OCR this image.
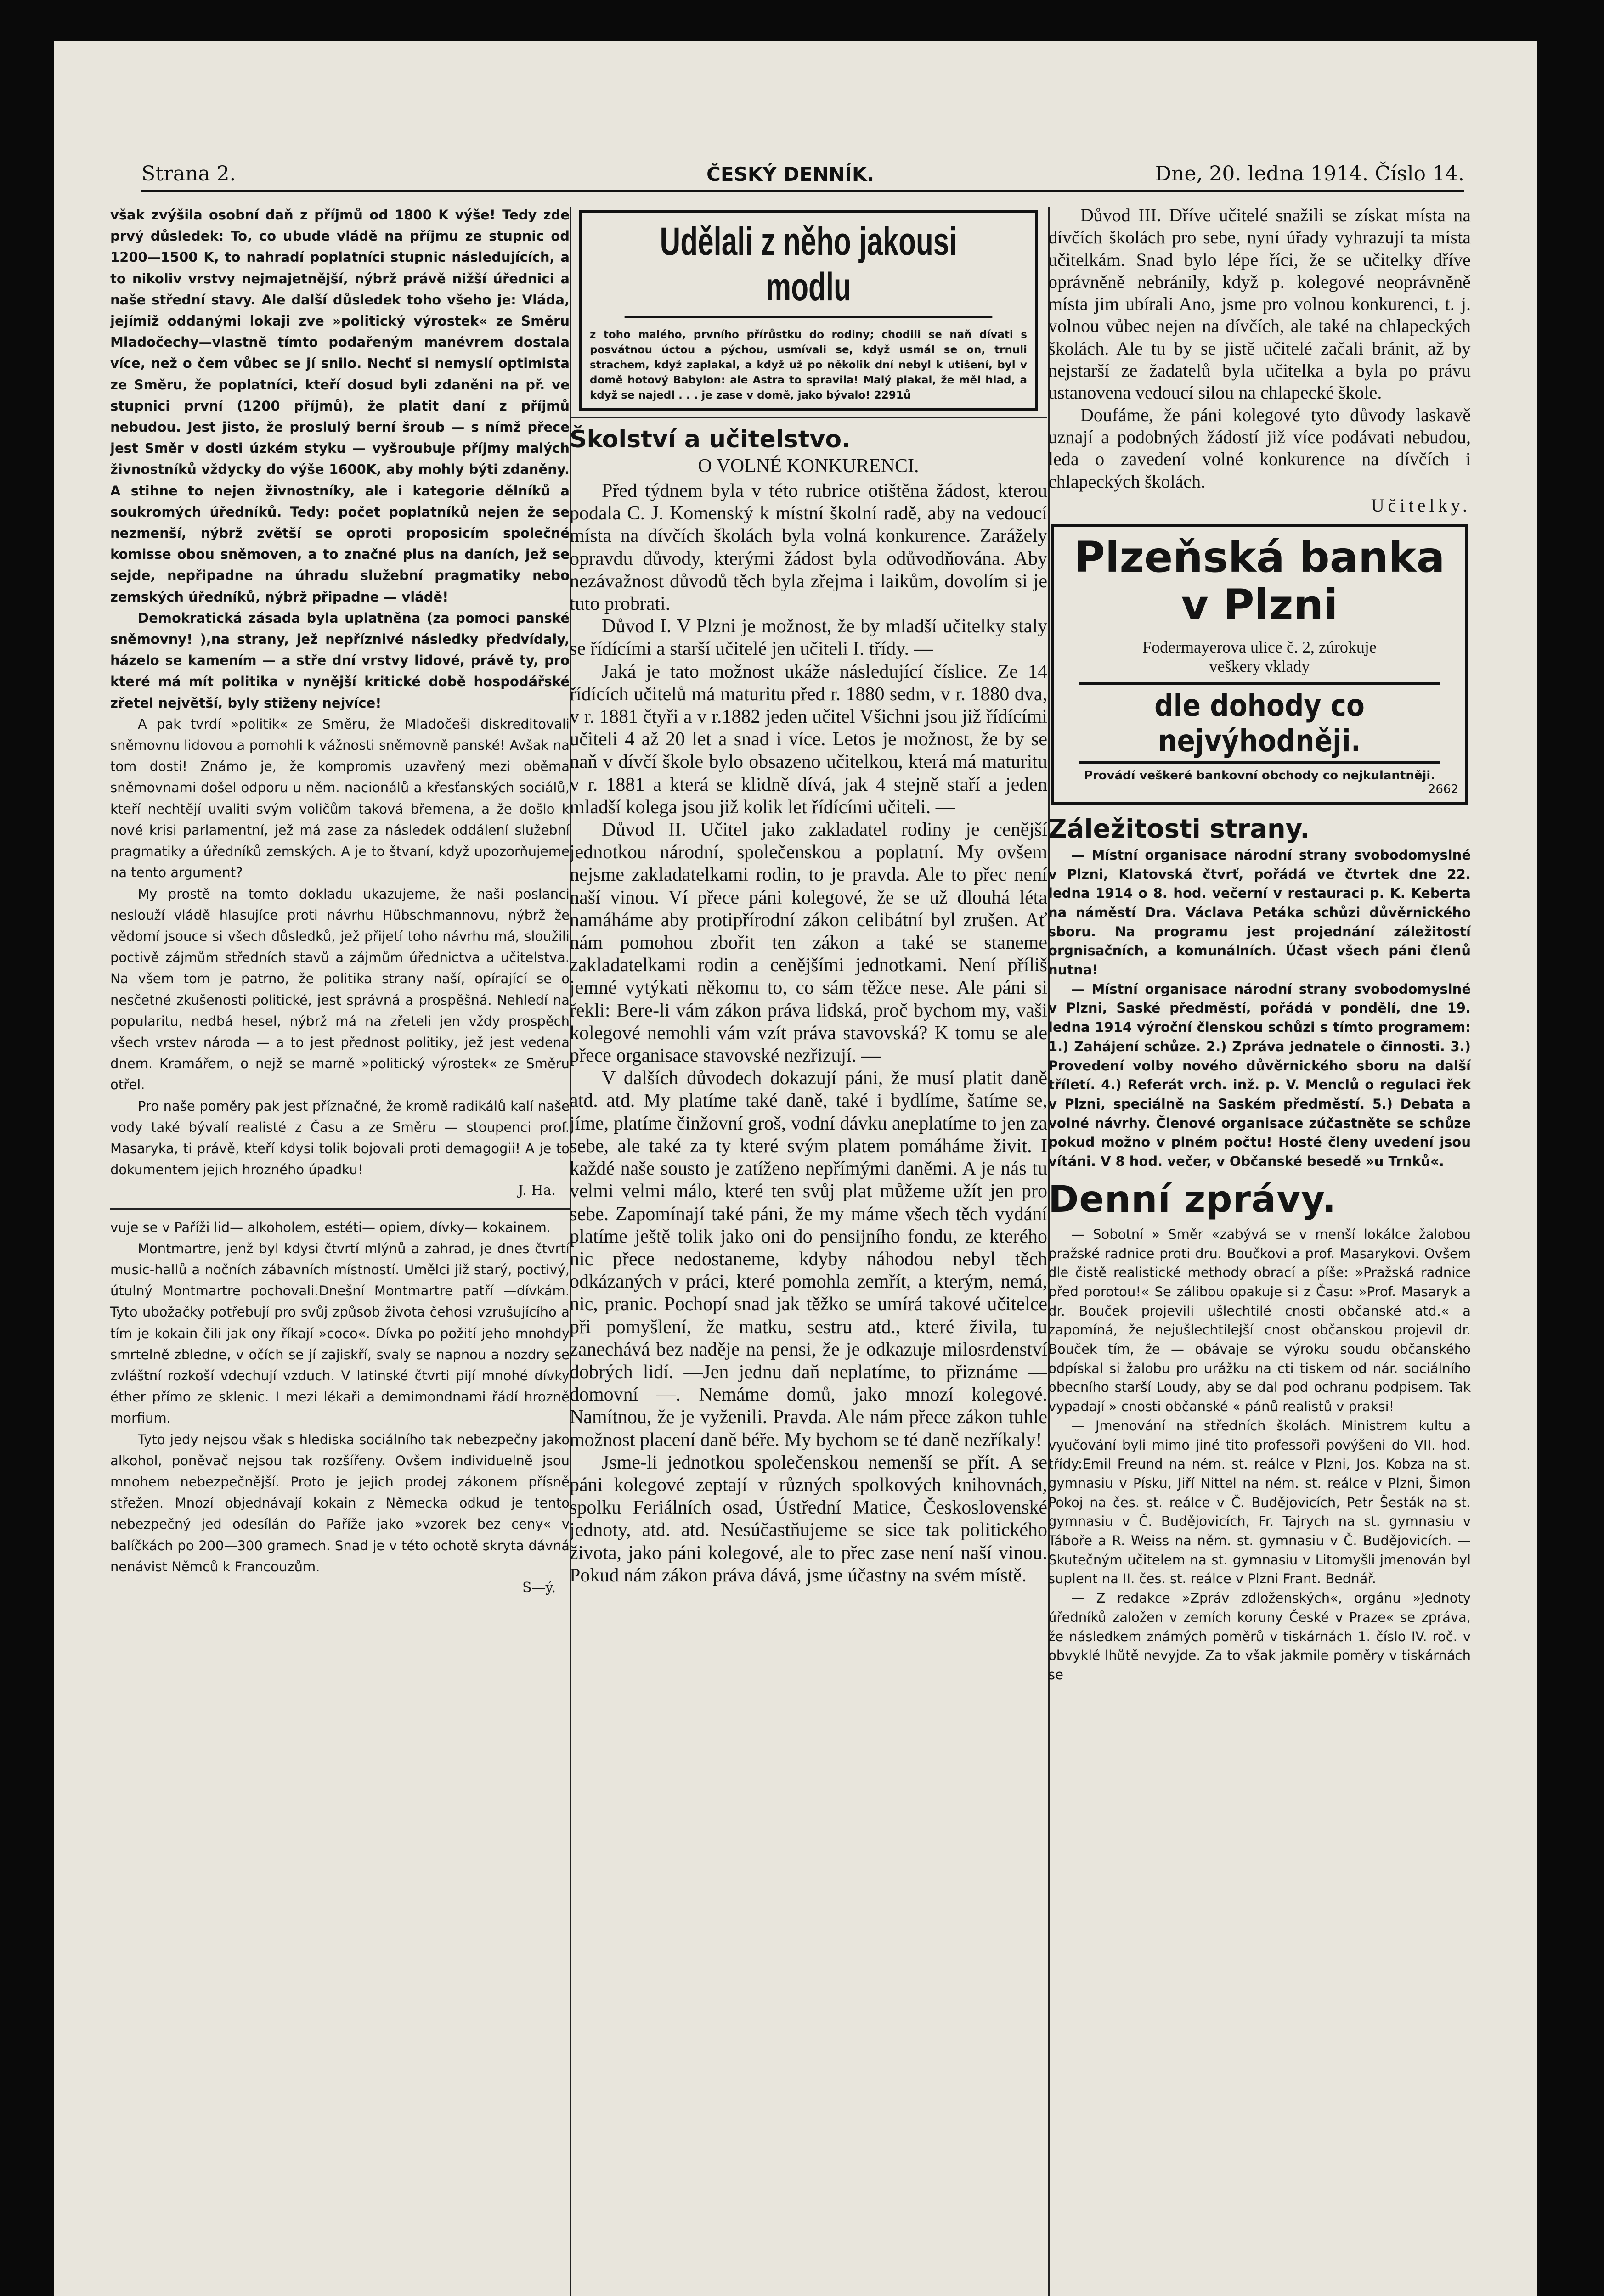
Strana 2.	ČESKÝ DENNÍK.	Dne, 20. ledna 1914. Číslo 14.

však zvýšila osobní daň z příjmů od 1800 K výše! Tedy zde prvý důsledek: To, co ubude vládě na příjmu ze stupnic od 1200—1500 K, to nahradí poplatníci stupnic následujících, a to nikoliv vrstvy nejmajetnější, nýbrž právě nižší úřednici a naše střední stavy. Ale další důsledek toho všeho je: Vláda, jejímiž oddanými lokaji zve »politický výrostek« ze Směru Mladočechy—vlastně tímto podařeným manévrem dostala více, než o čem vůbec se jí snilo. Nechť si nemyslí optimista ze Směru, že poplatníci, kteří dosud byli zdaněni na př. ve stupnici první (1200 příjmů), že platit daní z příjmů nebudou. Jest jisto, že proslulý berní šroub — s nímž přece jest Směr v dosti úzkém styku — vyšroubuje příjmy malých živnostníků vždycky do výše 1600K, aby mohly býti zdaněny. A stihne to nejen živnostníky, ale i kategorie dělníků a soukromých úředníků. Tedy: počet poplatníků nejen že se nezmenší, nýbrž zvětší se oproti proposicím společné komisse obou sněmoven, a to značné plus na daních, jež se sejde, nepřipadne na úhradu služební pragmatiky nebo zemských úředníků, nýbrž připadne — vládě!

Demokratická zásada byla uplatněna (za pomoci panské sněmovny! ),na strany, jež nepříznivé následky předvídaly, házelo se kamením — a stře dní vrstvy lidové, právě ty, pro které má mít politika v nynější kritické době hospodářské zřetel největší, byly stiženy nejvíce!

A pak tvrdí »politik« ze Směru, že Mladočeši diskreditovali sněmovnu lidovou a pomohli k vážnosti sněmovně panské! Avšak na tom dosti! Známo je, že kompromis uzavřený mezi oběma sněmovnami došel odporu u něm. nacionálů a křesťanských sociálů, kteří nechtějí uvaliti svým voličům taková břemena, a že došlo k nové krisi parlamentní, jež má zase za následek oddálení služební pragmatiky a úředníků zemských. A je to štvaní, když upozorňujeme na tento argument?

My prostě na tomto dokladu ukazujeme, že naši poslanci neslouží vládě hlasujíce proti návrhu Hübschmannovu, nýbrž že vědomí jsouce si všech důsledků, jež přijetí toho návrhu má, sloužili poctivě zájmům středních stavů a zájmům úřednictva a učitelstva. Na všem tom je patrno, že politika strany naší, opírající se o nesčetné zkušenosti politické, jest správná a prospěšná. Nehledí na popularitu, nedbá hesel, nýbrž má na zřeteli jen vždy prospěch všech vrstev národa — a to jest přednost politiky, jež jest vedena dnem. Kramářem, o nejž se marně »politický výrostek« ze Směru otřel.

Pro naše poměry pak jest příznačné, že kromě radikálů kalí naše vody také bývalí realisté z Času a ze Směru — stoupenci prof. Masaryka, ti právě, kteří kdysi tolik bojovali proti demagogii! A je to dokumentem jejich hrozného úpadku!

J. Ha.

vuje se v Paříži lid— alkoholem, estéti— opiem, dívky— kokainem.

Montmartre, jenž byl kdysi čtvrtí mlýnů a zahrad, je dnes čtvrtí music-hallů a nočních zábavních místností. Umělci již starý, poctivý, útulný Montmartre pochovali.Dnešní Montmartre patří —dívkám. Tyto ubožačky potřebují pro svůj způsob života čehosi vzrušujícího a tím je kokain čili jak ony říkají »coco«. Dívka po požití jeho mnohdy smrtelně zbledne, v očích se jí zajiskří, svaly se napnou a nozdry se zvláštní rozkoší vdechují vzduch. V latinské čtvrti pijí mnohé dívky éther přímo ze sklenic. I mezi lékaři a demimondnami řádí hrozně morfium.

Tyto jedy nejsou však s hlediska sociálního tak nebezpečny jako alkohol, poněvač nejsou tak rozšířeny. Ovšem individuelně jsou mnohem nebezpečnější. Proto je jejich prodej zákonem přísně střežen. Mnozí objednávají kokain z Německa odkud je tento nebezpečný jed odesílán do Paříže jako »vzorek bez ceny« v balíčkách po 200—300 gramech. Snad je v této ochotě skryta dávná nenávist Němců k Francouzům.

S—ý.

Udělali z něho jakousi modlu
z toho malého, prvního přírůstku do rodiny; chodili se naň dívati s posvátnou úctou a pýchou, usmívali se, když usmál se on, trnuli strachem, když zaplakal, a když už po několik dní nebyl k utišení, byl v domě hotový Babylon: ale Astra to spravila! Malý plakal, že měl hlad, a když se najedl . . . je zase v domě, jako bývalo! 2291ů
Školství a učitelstvo.
O VOLNÉ KONKURENCI.

Před týdnem byla v této rubrice otištěna žádost, kterou podala C. J. Komenský k místní školní radě, aby na vedoucí místa na dívčích školách byla volná konkurence. Zarážely opravdu důvody, kterými žádost byla odůvodňována. Aby nezávažnost důvodů těch byla zřejma i laikům, dovolím si je tuto probrati.

Důvod I. V Plzni je možnost, že by mladší učitelky staly se řídícími a starší učitelé jen učiteli I. třídy. —

Jaká je tato možnost ukáže následující číslice. Ze 14 řídících učitelů má maturitu před r. 1880 sedm, v r. 1880 dva, v r. 1881 čtyři a v r.1882 jeden učitel Všichni jsou již řídícími učiteli 4 až 20 let a snad i více. Letos je možnost, že by se naň v dívčí škole bylo obsazeno učitelkou, která má maturitu v r. 1881 a která se klidně dívá, jak 4 stejně staří a jeden mladší kolega jsou již kolik let řídícími učiteli. —

Důvod II. Učitel jako zakladatel rodiny je cenější jednotkou národní, společenskou a poplatní. My ovšem nejsme zakladatelkami rodin, to je pravda. Ale to přec není naší vinou. Ví přece páni kolegové, že se už dlouhá léta namáháme aby protipřírodní zákon celibátní byl zrušen. Ať nám pomohou zbořit ten zákon a také se staneme zakladatelkami rodin a cenějšími jednotkami. Není příliš jemné vytýkati někomu to, co sám těžce nese. Ale páni si řekli: Bere-li vám zákon práva lidská, proč bychom my, vaši kolegové nemohli vám vzít práva stavovská? K tomu se ale přece organisace stavovské nezřizují. —

V dalších důvodech dokazují páni, že musí platit daně atd. atd. My platíme také daně, také i bydlíme, šatíme se, jíme, platíme činžovní groš, vodní dávku aneplatíme to jen za sebe, ale také za ty které svým platem pomáháme živit. I každé naše sousto je zatíženo nepřímými daněmi. A je nás tu velmi velmi málo, které ten svůj plat můžeme užít jen pro sebe. Zapomínají také páni, že my máme všech těch vydání platíme ještě tolik jako oni do pensijního fondu, ze kterého nic přece nedostaneme, kdyby náhodou nebyl těch odkázaných v práci, které pomohla zemřít, a kterým, nemá, nic, pranic. Pochopí snad jak těžko se umírá takové učitelce při pomyšlení, že matku, sestru atd., které živila, tu zanechává bez naděje na pensi, že je odkazuje milosrdenství dobrých lidí. —Jen jednu daň neplatíme, to přiznáme — domovní —. Nemáme domů, jako mnozí kolegové. Namítnou, že je vyženili. Pravda. Ale nám přece zákon tuhle možnost placení daně béře. My bychom se té daně nezříkaly!

Jsme-li jednotkou společenskou nemenší se přít. A se páni kolegové zeptají v různých spolkových knihovnách, spolku Feriálních osad, Ústřední Matice, Československé jednoty, atd. atd. Nesúčastňujeme se sice tak politického života, jako páni kolegové, ale to přec zase není naší vinou. Pokud nám zákon práva dává, jsme účastny na svém místě.

Důvod III. Dříve učitelé snažili se získat místa na dívčích školách pro sebe, nyní úřady vyhrazují ta místa učitelkám. Snad bylo lépe říci, že se učitelky dříve oprávněně nebránily, když p. kolegové neoprávněně místa jim ubírali Ano, jsme pro volnou konkurenci, t. j. volnou vůbec nejen na dívčích, ale také na chlapeckých školách. Ale tu by se jistě učitelé začali bránit, až by nejstarší ze žadatelů byla učitelka a byla po právu ustanovena vedoucí silou na chlapecké škole.

Doufáme, že páni kolegové tyto důvody laskavě uznají a podobných žádostí již více podávati nebudou, leda o zavedení volné konkurence na dívčích i chlapeckých školách.

Učitelky.

Plzeňská banka
v Plzni
Fodermayerova ulice č. 2, zúrokuje
veškery vklady
dle dohody co nejvýhodněji.
Provádí veškeré bankovní obchody co nejkulantněji.
2662
Záležitosti strany.

— Místní organisace národní strany svobodomyslné v Plzni, Klatovská čtvrť, pořádá ve čtvrtek dne 22. ledna 1914 o 8. hod. večerní v restauraci p. K. Keberta na náměstí Dra. Václava Petáka schůzi důvěrnického sboru. Na programu jest projednání záležitostí orgnisačních, a komunálních. Účast všech páni členů nutna!

— Místní organisace národní strany svobodomyslné v Plzni, Saské předměstí, pořádá v pondělí, dne 19. ledna 1914 výroční členskou schůzi s tímto programem: 1.) Zahájení schůze. 2.) Zpráva jednatele o činnosti. 3.) Provedení volby nového důvěrnického sboru na další tříletí. 4.) Referát vrch. inž. p. V. Menclů o regulaci řek v Plzni, speciálně na Saském předměstí. 5.) Debata a volné návrhy. Členové organisace zúčastněte se schůze pokud možno v plném počtu! Hosté členy uvedení jsou vítáni. V 8 hod. večer, v Občanské besedě »u Trnků«.

Denní zprávy.

— Sobotní » Směr «zabývá se v menší lokálce žalobou pražské radnice proti dru. Boučkovi a prof. Masarykovi. Ovšem dle čistě realistické methody obrací a píše: »Pražská radnice před porotou!« Se zálibou opakuje si z Času: »Prof. Masaryk a dr. Bouček projevili ušlechtilé cnosti občanské atd.« a zapomíná, že nejušlechtilejší cnost občanskou projevil dr. Bouček tím, že — obávaje se výroku soudu občanského odpískal si žalobu pro urážku na cti tiskem od nár. sociálního obecního starší Loudy, aby se dal pod ochranu podpisem. Tak vypadají » cnosti občanské « pánů realistů v praksi!

— Jmenování na středních školách. Ministrem kultu a vyučování byli mimo jiné tito professoři povýšeni do VII. hod. třídy:Emil Freund na ném. st. reálce v Plzni, Jos. Kobza na st. gymnasiu v Písku, Jiří Nittel na ném. st. reálce v Plzni, Šimon Pokoj na čes. st. reálce v Č. Budějovicích, Petr Šesták na st. gymnasiu v Č. Budějovicích, Fr. Tajrych na st. gymnasiu v Táboře a R. Weiss na něm. st. gymnasiu v Č. Budějovicích. — Skutečným učitelem na st. gymnasiu v Litomyšli jmenován byl suplent na II. čes. st. reálce v Plzni Frant. Bednář.

— Z redakce »Zpráv zdloženských«, orgánu »Jednoty úředníků založen v zemích koruny České v Praze« se zpráva, že následkem známých poměrů v tiskárnách 1. číslo IV. roč. v obvyklé lhůtě nevyjde. Za to však jakmile poměry v tiskárnách se
